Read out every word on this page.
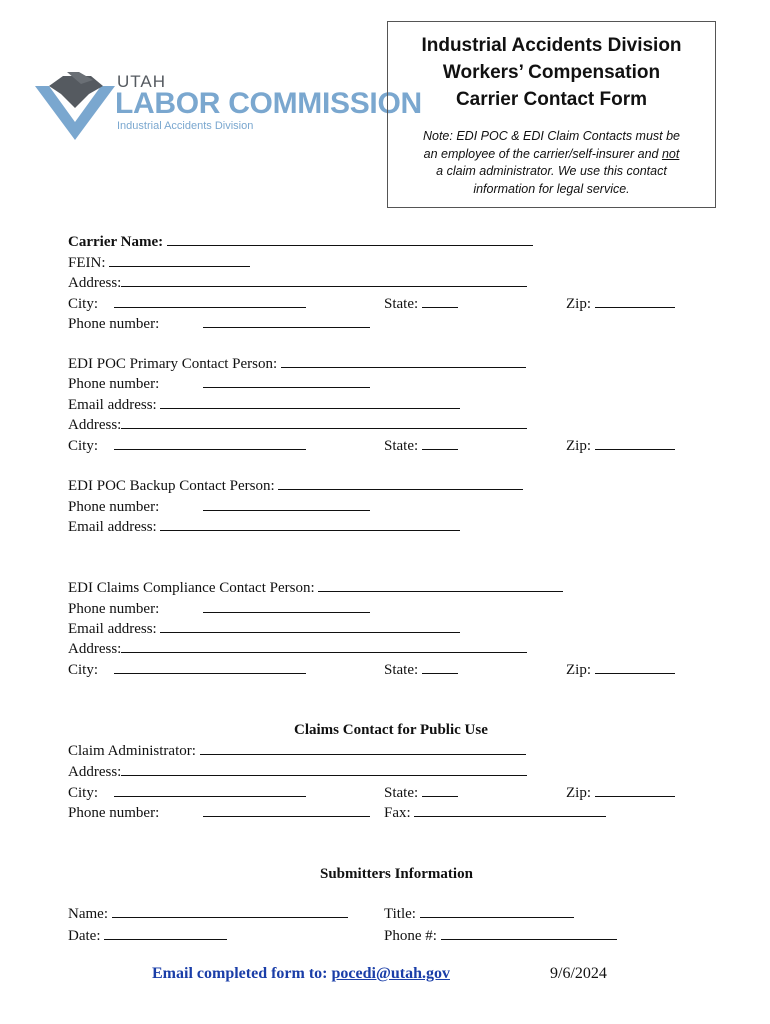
UTAH
LABOR COMMISSION
Industrial Accidents Division
Industrial Accidents Division
Workers’ Compensation
Carrier Contact Form
Note: EDI POC & EDI Claim Contacts must be
an employee of the carrier/self-insurer and not
a claim administrator. We use this contact
information for legal service.
Carrier Name:
FEIN:
Address:
City:	State:	Zip:
Phone number:
EDI POC Primary Contact Person:
Phone number:
Email address:
Address:
City:	State:	Zip:
EDI POC Backup Contact Person:
Phone number:
Email address:
EDI Claims Compliance Contact Person:
Phone number:
Email address:
Address:
City:	State:	Zip:
Claims Contact for Public Use
Claim Administrator:
Address:
City:	State:	Zip:
Phone number:	Fax:
Submitters Information
Name:	Title:
Date:	Phone #:
Email completed form to: pocedi@utah.gov	9/6/2024
